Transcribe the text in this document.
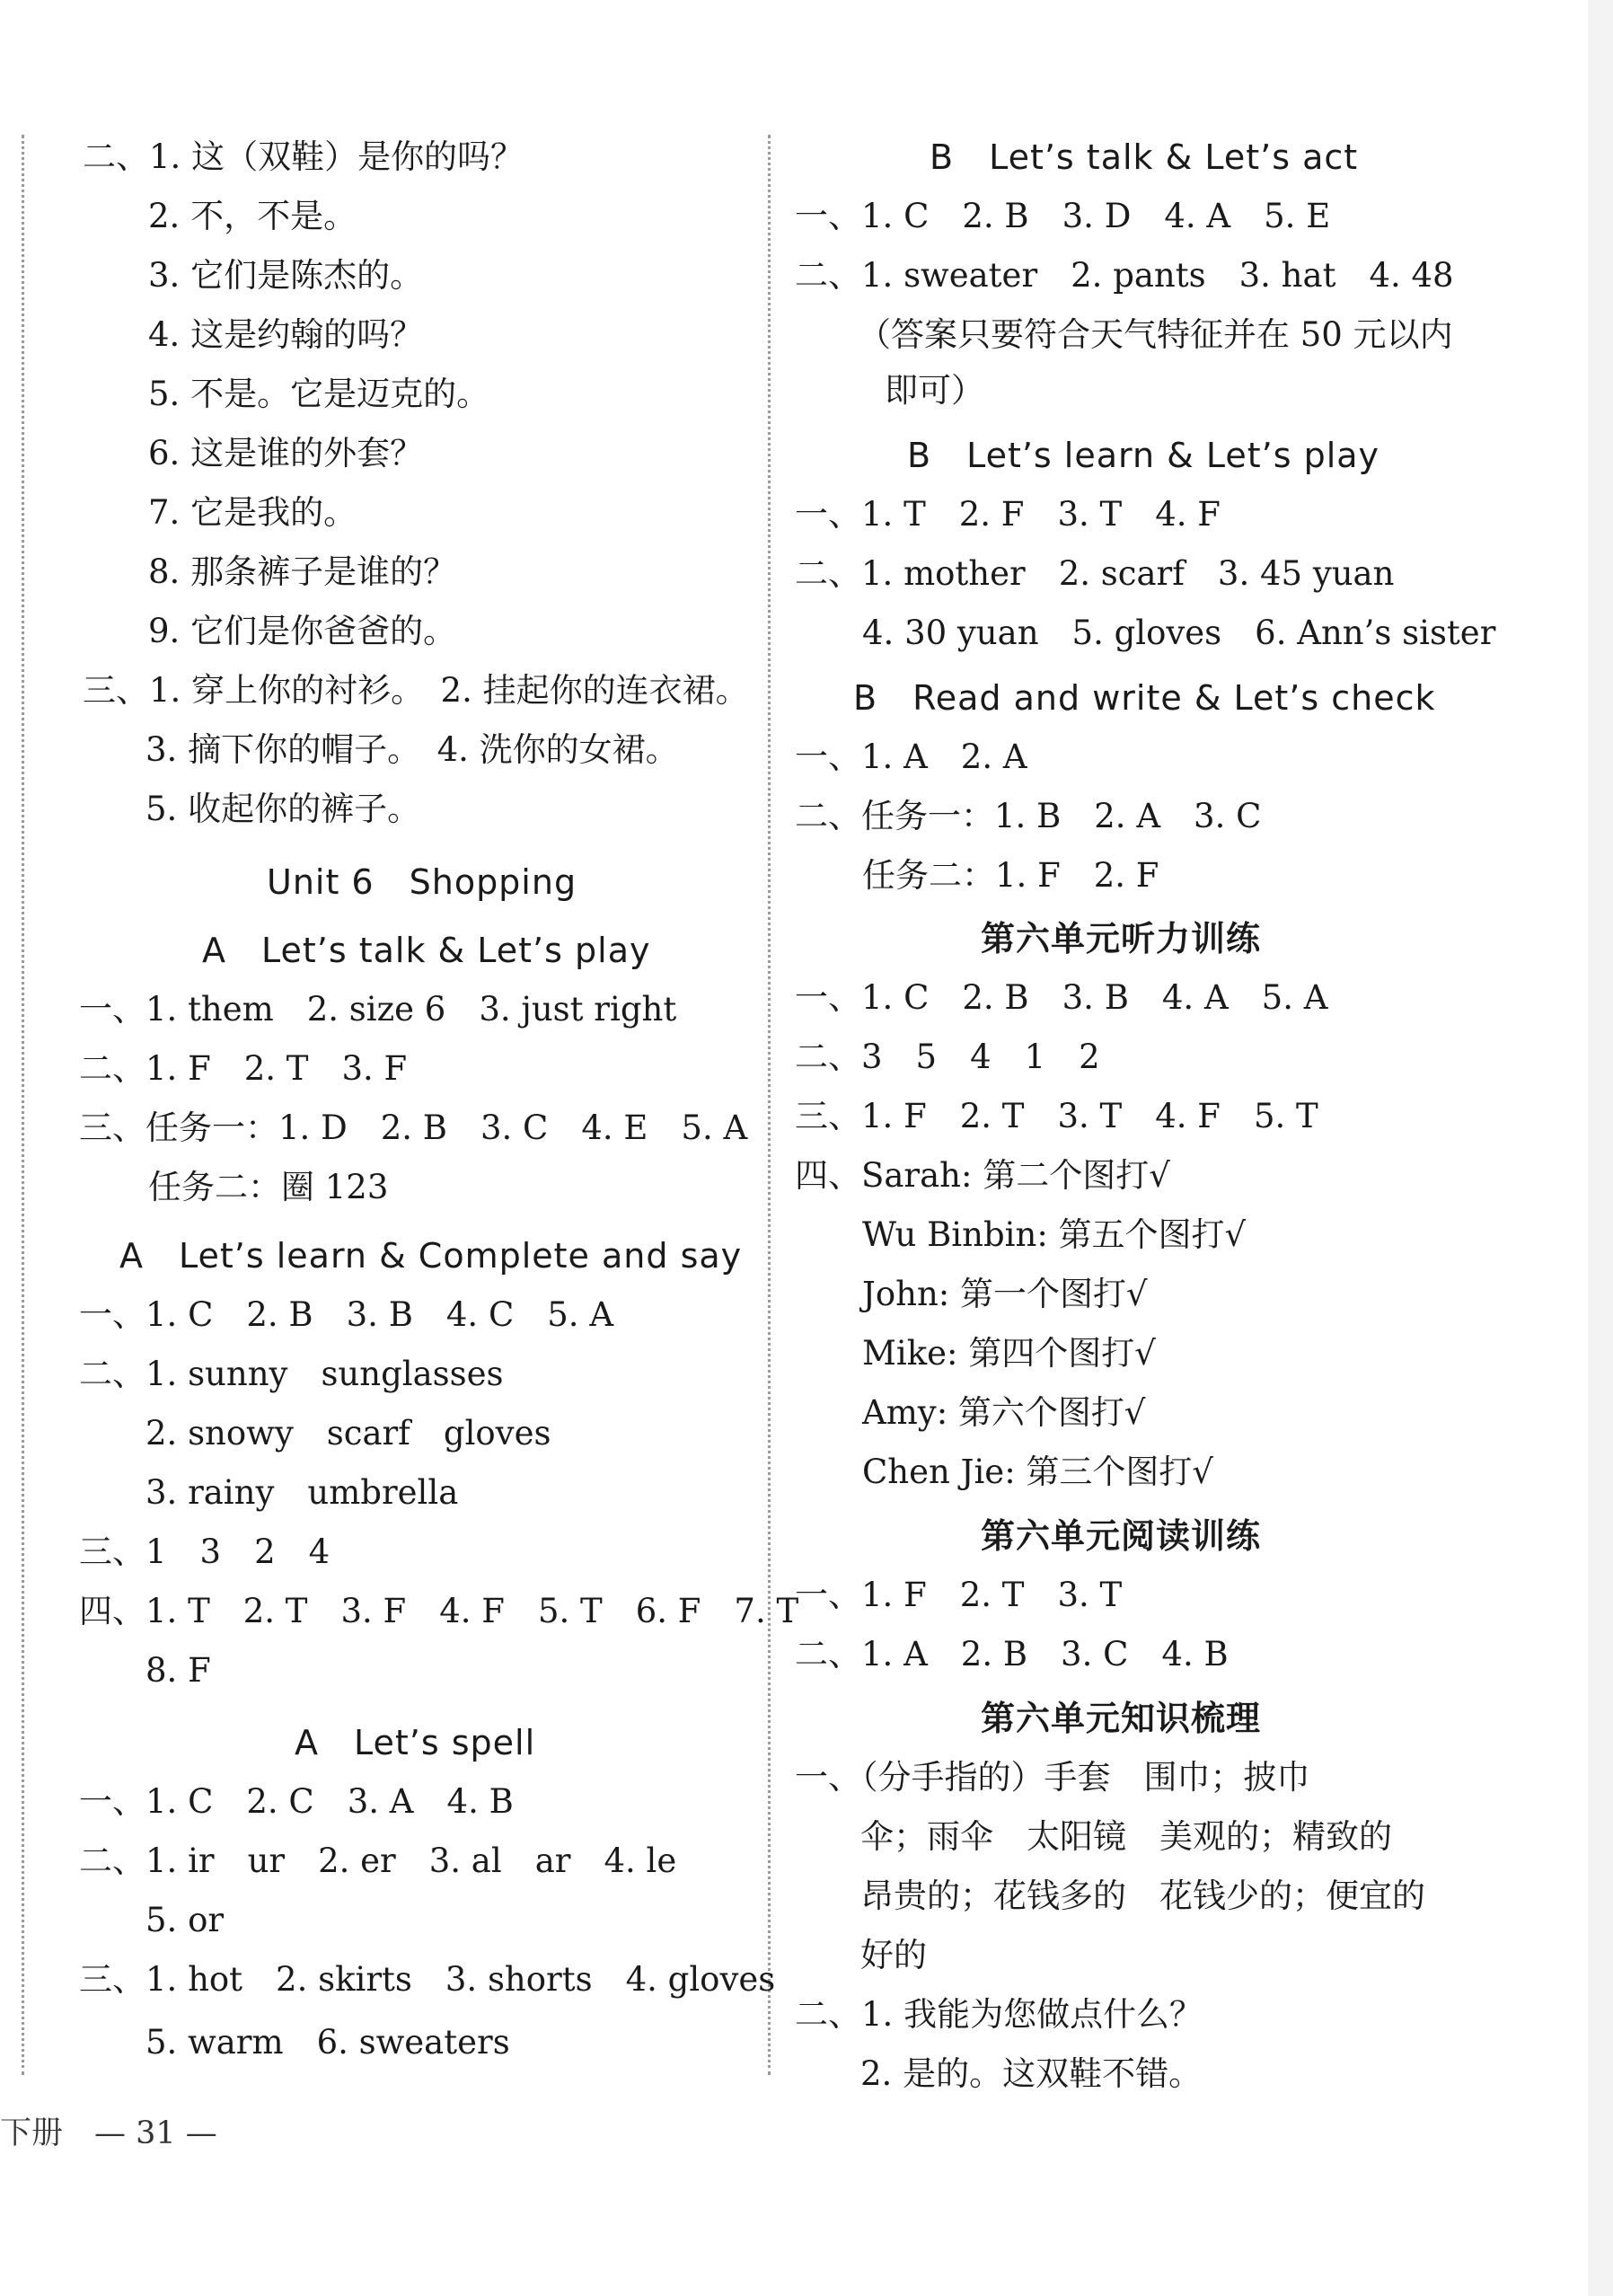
二、1. 这（双鞋）是你的吗？
2. 不，不是。
3. 它们是陈杰的。
4. 这是约翰的吗？
5. 不是。它是迈克的。
6. 这是谁的外套？
7. 它是我的。
8. 那条裤子是谁的？
9. 它们是你爸爸的。
三、1. 穿上你的衬衫。　2. 挂起你的连衣裙。
3. 摘下你的帽子。　4. 洗你的女裙。
5. 收起你的裤子。
Unit 6　Shopping
A　Let’s talk & Let’s play
一、1. them　2. size 6　3. just right
二、1. F　2. T　3. F
三、任务一：1. D　2. B　3. C　4. E　5. A
任务二：圈 123
A　Let’s learn & Complete and say
一、1. C　2. B　3. B　4. C　5. A
二、1. sunny　sunglasses
2. snowy　scarf　gloves
3. rainy　umbrella
三、1　3　2　4
四、1. T　2. T　3. F　4. F　5. T　6. F　7. T
8. F
A　Let’s spell
一、1. C　2. C　3. A　4. B
二、1. ir　ur　2. er　3. al　ar　4. le
5. or
三、1. hot　2. skirts　3. shorts　4. gloves
5. warm　6. sweaters
B　Let’s talk & Let’s act
一、1. C　2. B　3. D　4. A　5. E
二、1. sweater　2. pants　3. hat　4. 48
（答案只要符合天气特征并在 50 元以内
即可）
B　Let’s learn & Let’s play
一、1. T　2. F　3. T　4. F
二、1. mother　2. scarf　3. 45 yuan
4. 30 yuan　5. gloves　6. Ann’s sister
B　Read and write & Let’s check
一、1. A　2. A
二、任务一：1. B　2. A　3. C
任务二：1. F　2. F
第六单元听力训练
一、1. C　2. B　3. B　4. A　5. A
二、3　5　4　1　2
三、1. F　2. T　3. T　4. F　5. T
四、Sarah: 第二个图打√
Wu Binbin: 第五个图打√
John: 第一个图打√
Mike: 第四个图打√
Amy: 第六个图打√
Chen Jie: 第三个图打√
第六单元阅读训练
一、1. F　2. T　3. T
二、1. A　2. B　3. C　4. B
第六单元知识梳理
一、（分手指的）手套　围巾；披巾
伞；雨伞　太阳镜　美观的；精致的
昂贵的；花钱多的　花钱少的；便宜的
好的
二、1. 我能为您做点什么？
2. 是的。这双鞋不错。
下册　— 31 —
